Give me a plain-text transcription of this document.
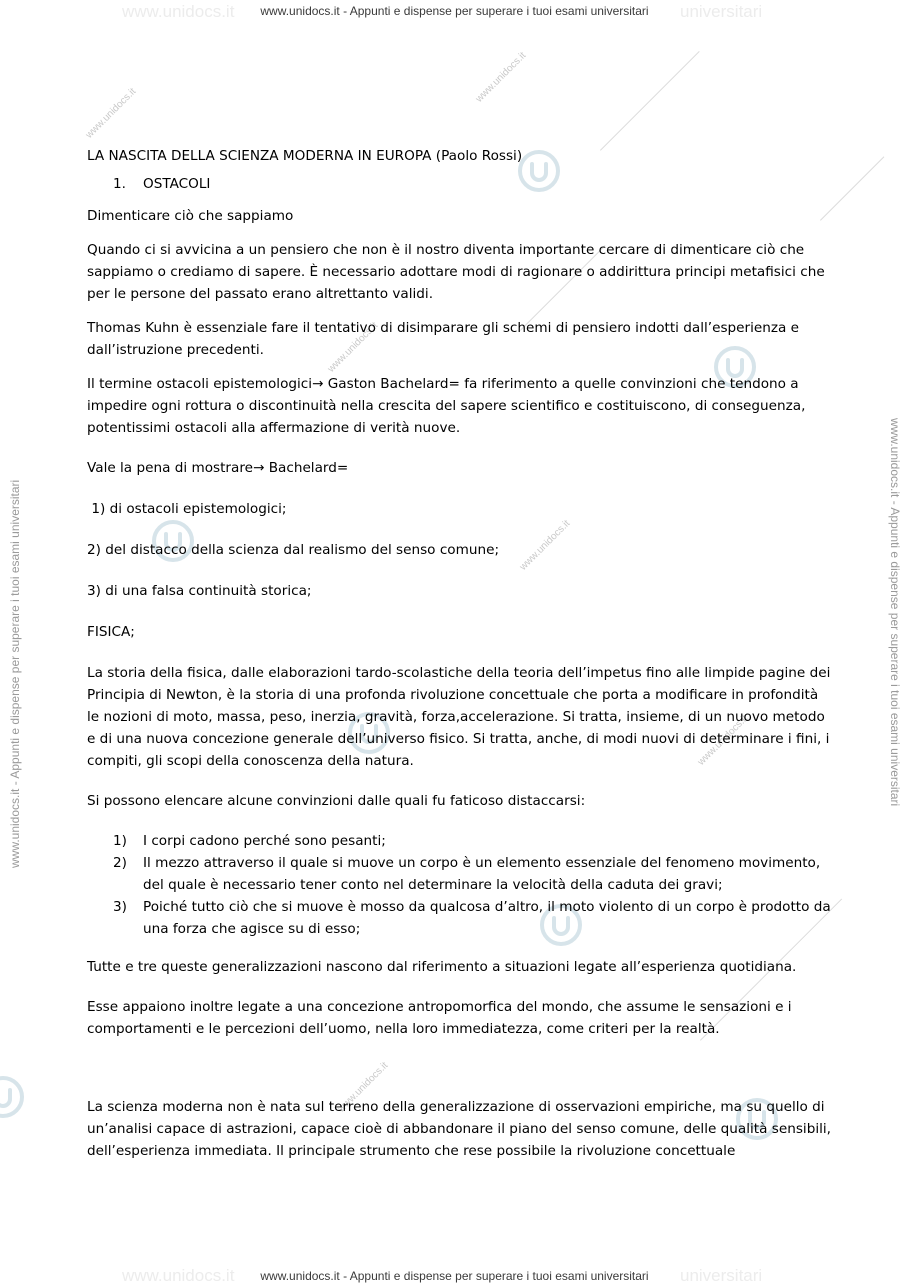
www.unidocs.it	universitari
www.unidocs.it - Appunti e dispense per superare i tuoi esami universitari
www.unidocs.it	universitari
www.unidocs.it - Appunti e dispense per superare i tuoi esami universitari
www.unidocs.it - Appunti e dispense per superare i tuoi esami universitari	www.unidocs.it - Appunti e dispense per superare i tuoi esami universitari
www.unidocs.it
www.unidocs.it
www.unidocs.it
www.unidocs.it
www.unidocs.it
www.unidocs.it

LA NASCITA DELLA SCIENZA MODERNA IN EUROPA (Paolo Rossi)

1. OSTACOLI

Dimenticare ciò che sappiamo

Quando ci si avvicina a un pensiero che non è il nostro diventa importante cercare di dimenticare ciò che sappiamo o crediamo di sapere. È necessario adottare modi di ragionare o addirittura principi metafisici che per le persone del passato erano altrettanto validi.

Thomas Kuhn è essenziale fare il tentativo di disimparare gli schemi di pensiero indotti dall’esperienza e dall’istruzione precedenti.

Il termine ostacoli epistemologici→ Gaston Bachelard= fa riferimento a quelle convinzioni che tendono a impedire ogni rottura o discontinuità nella crescita del sapere scientifico e costituiscono, di conseguenza, potentissimi ostacoli alla affermazione di verità nuove.

Vale la pena di mostrare→ Bachelard=

1) di ostacoli epistemologici;

2) del distacco della scienza dal realismo del senso comune;

3) di una falsa continuità storica;

FISICA;

La storia della fisica, dalle elaborazioni tardo-scolastiche della teoria dell’impetus fino alle limpide pagine dei Principia di Newton, è la storia di una profonda rivoluzione concettuale che porta a modificare in profondità le nozioni di moto, massa, peso, inerzia, gravità, forza,accelerazione. Si tratta, insieme, di un nuovo metodo e di una nuova concezione generale dell’universo fisico. Si tratta, anche, di modi nuovi di determinare i fini, i compiti, gli scopi della conoscenza della natura.

Si possono elencare alcune convinzioni dalle quali fu faticoso distaccarsi:

1) I corpi cadono perché sono pesanti;
2) Il mezzo attraverso il quale si muove un corpo è un elemento essenziale del fenomeno movimento, del quale è necessario tener conto nel determinare la velocità della caduta dei gravi;
3) Poiché tutto ciò che si muove è mosso da qualcosa d’altro, il moto violento di un corpo è prodotto da una forza che agisce su di esso;

Tutte e tre queste generalizzazioni nascono dal riferimento a situazioni legate all’esperienza quotidiana.

Esse appaiono inoltre legate a una concezione antropomorfica del mondo, che assume le sensazioni e i comportamenti e le percezioni dell’uomo, nella loro immediatezza, come criteri per la realtà.

La scienza moderna non è nata sul terreno della generalizzazione di osservazioni empiriche, ma su quello di un’analisi capace di astrazioni, capace cioè di abbandonare il piano del senso comune, delle qualità sensibili, dell’esperienza immediata. Il principale strumento che rese possibile la rivoluzione concettuale
